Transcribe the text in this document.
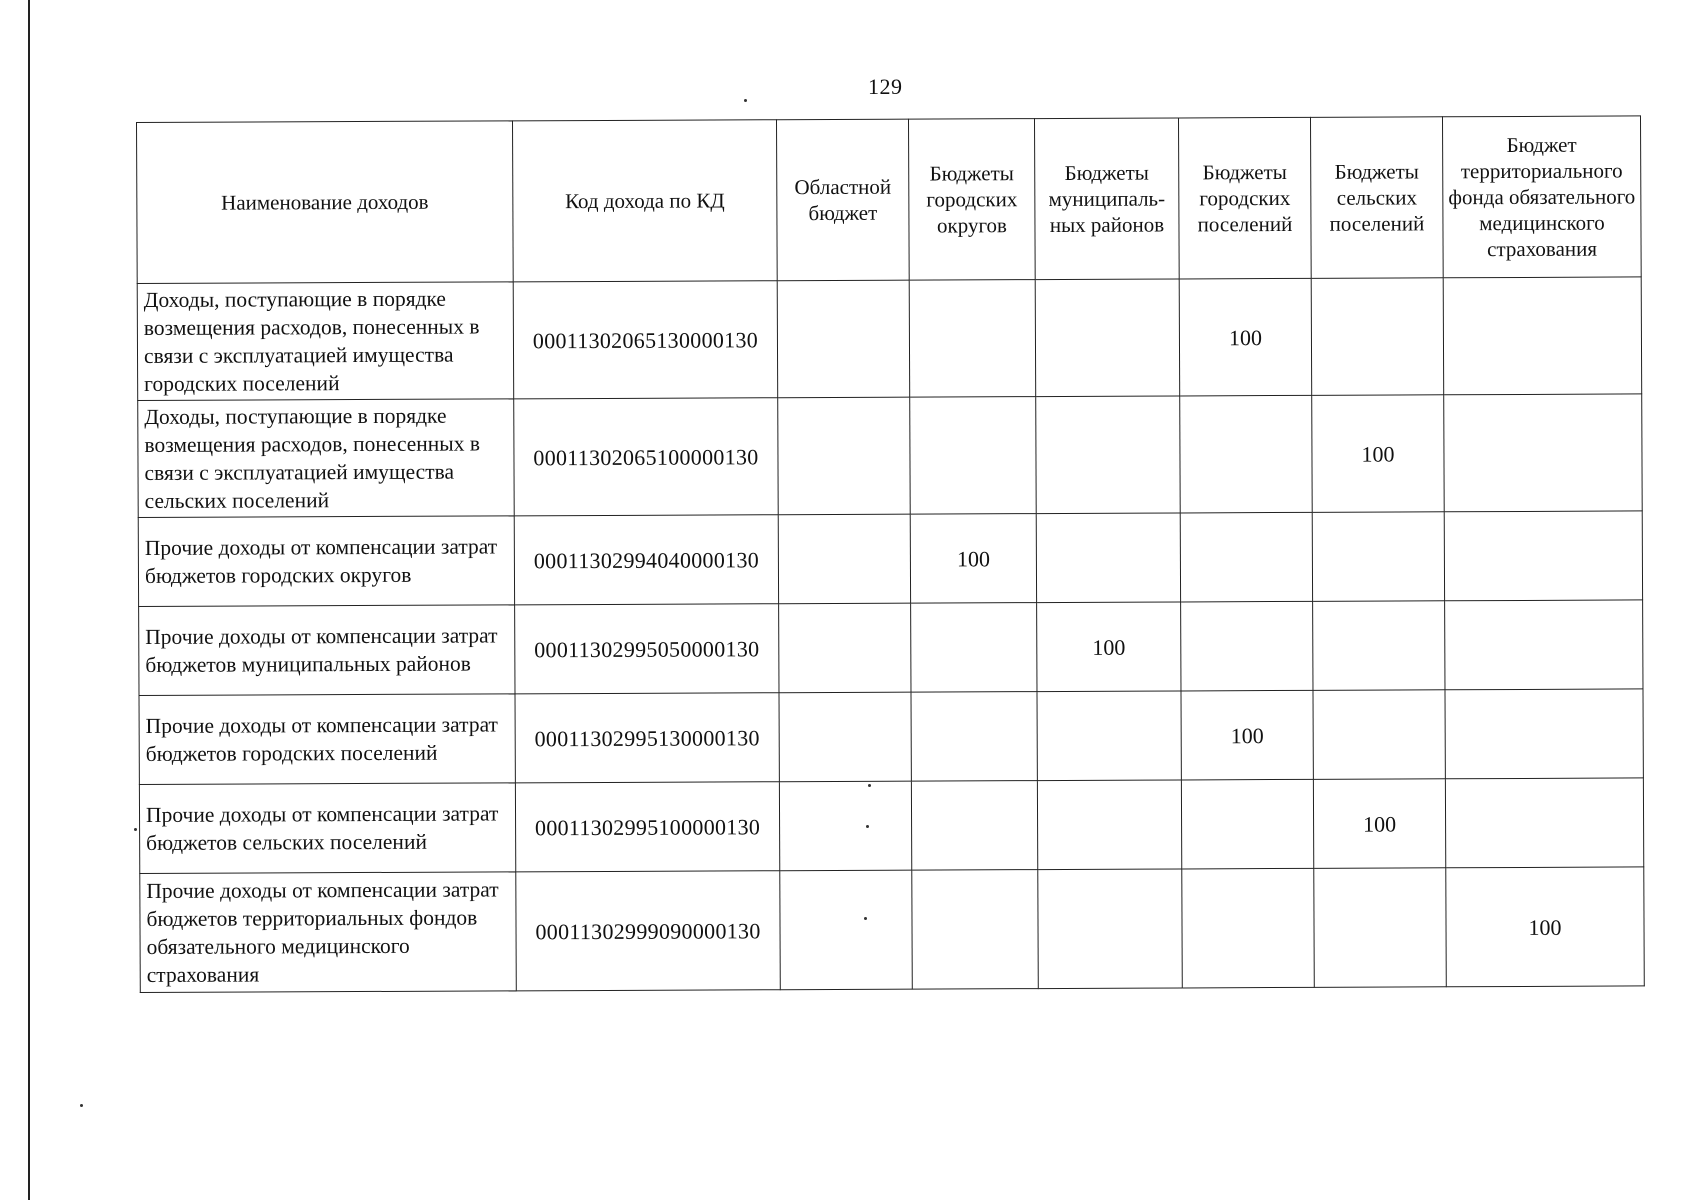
129
Наименование доходов	Код дохода по КД	Областной бюджет	Бюджеты городских округов	Бюджеты муниципаль-ных районов	Бюджеты городских поселений	Бюджеты сельских поселений	Бюджет территориального фонда обязательного медицинского страхования
Доходы, поступающие в порядке возмещения расходов, понесенных в связи с эксплуатацией имущества городских поселений	00011302065130000130				100		
Доходы, поступающие в порядке возмещения расходов, понесенных в связи с эксплуатацией имущества сельских поселений	00011302065100000130					100	
Прочие доходы от компенсации затрат бюджетов городских округов	00011302994040000130		100				
Прочие доходы от компенсации затрат бюджетов муниципальных районов	00011302995050000130			100			
Прочие доходы от компенсации затрат бюджетов городских поселений	00011302995130000130				100		
Прочие доходы от компенсации затрат бюджетов сельских поселений	00011302995100000130					100	
Прочие доходы от компенсации затрат бюджетов территориальных фондов обязательного медицинского страхования	00011302999090000130						100
